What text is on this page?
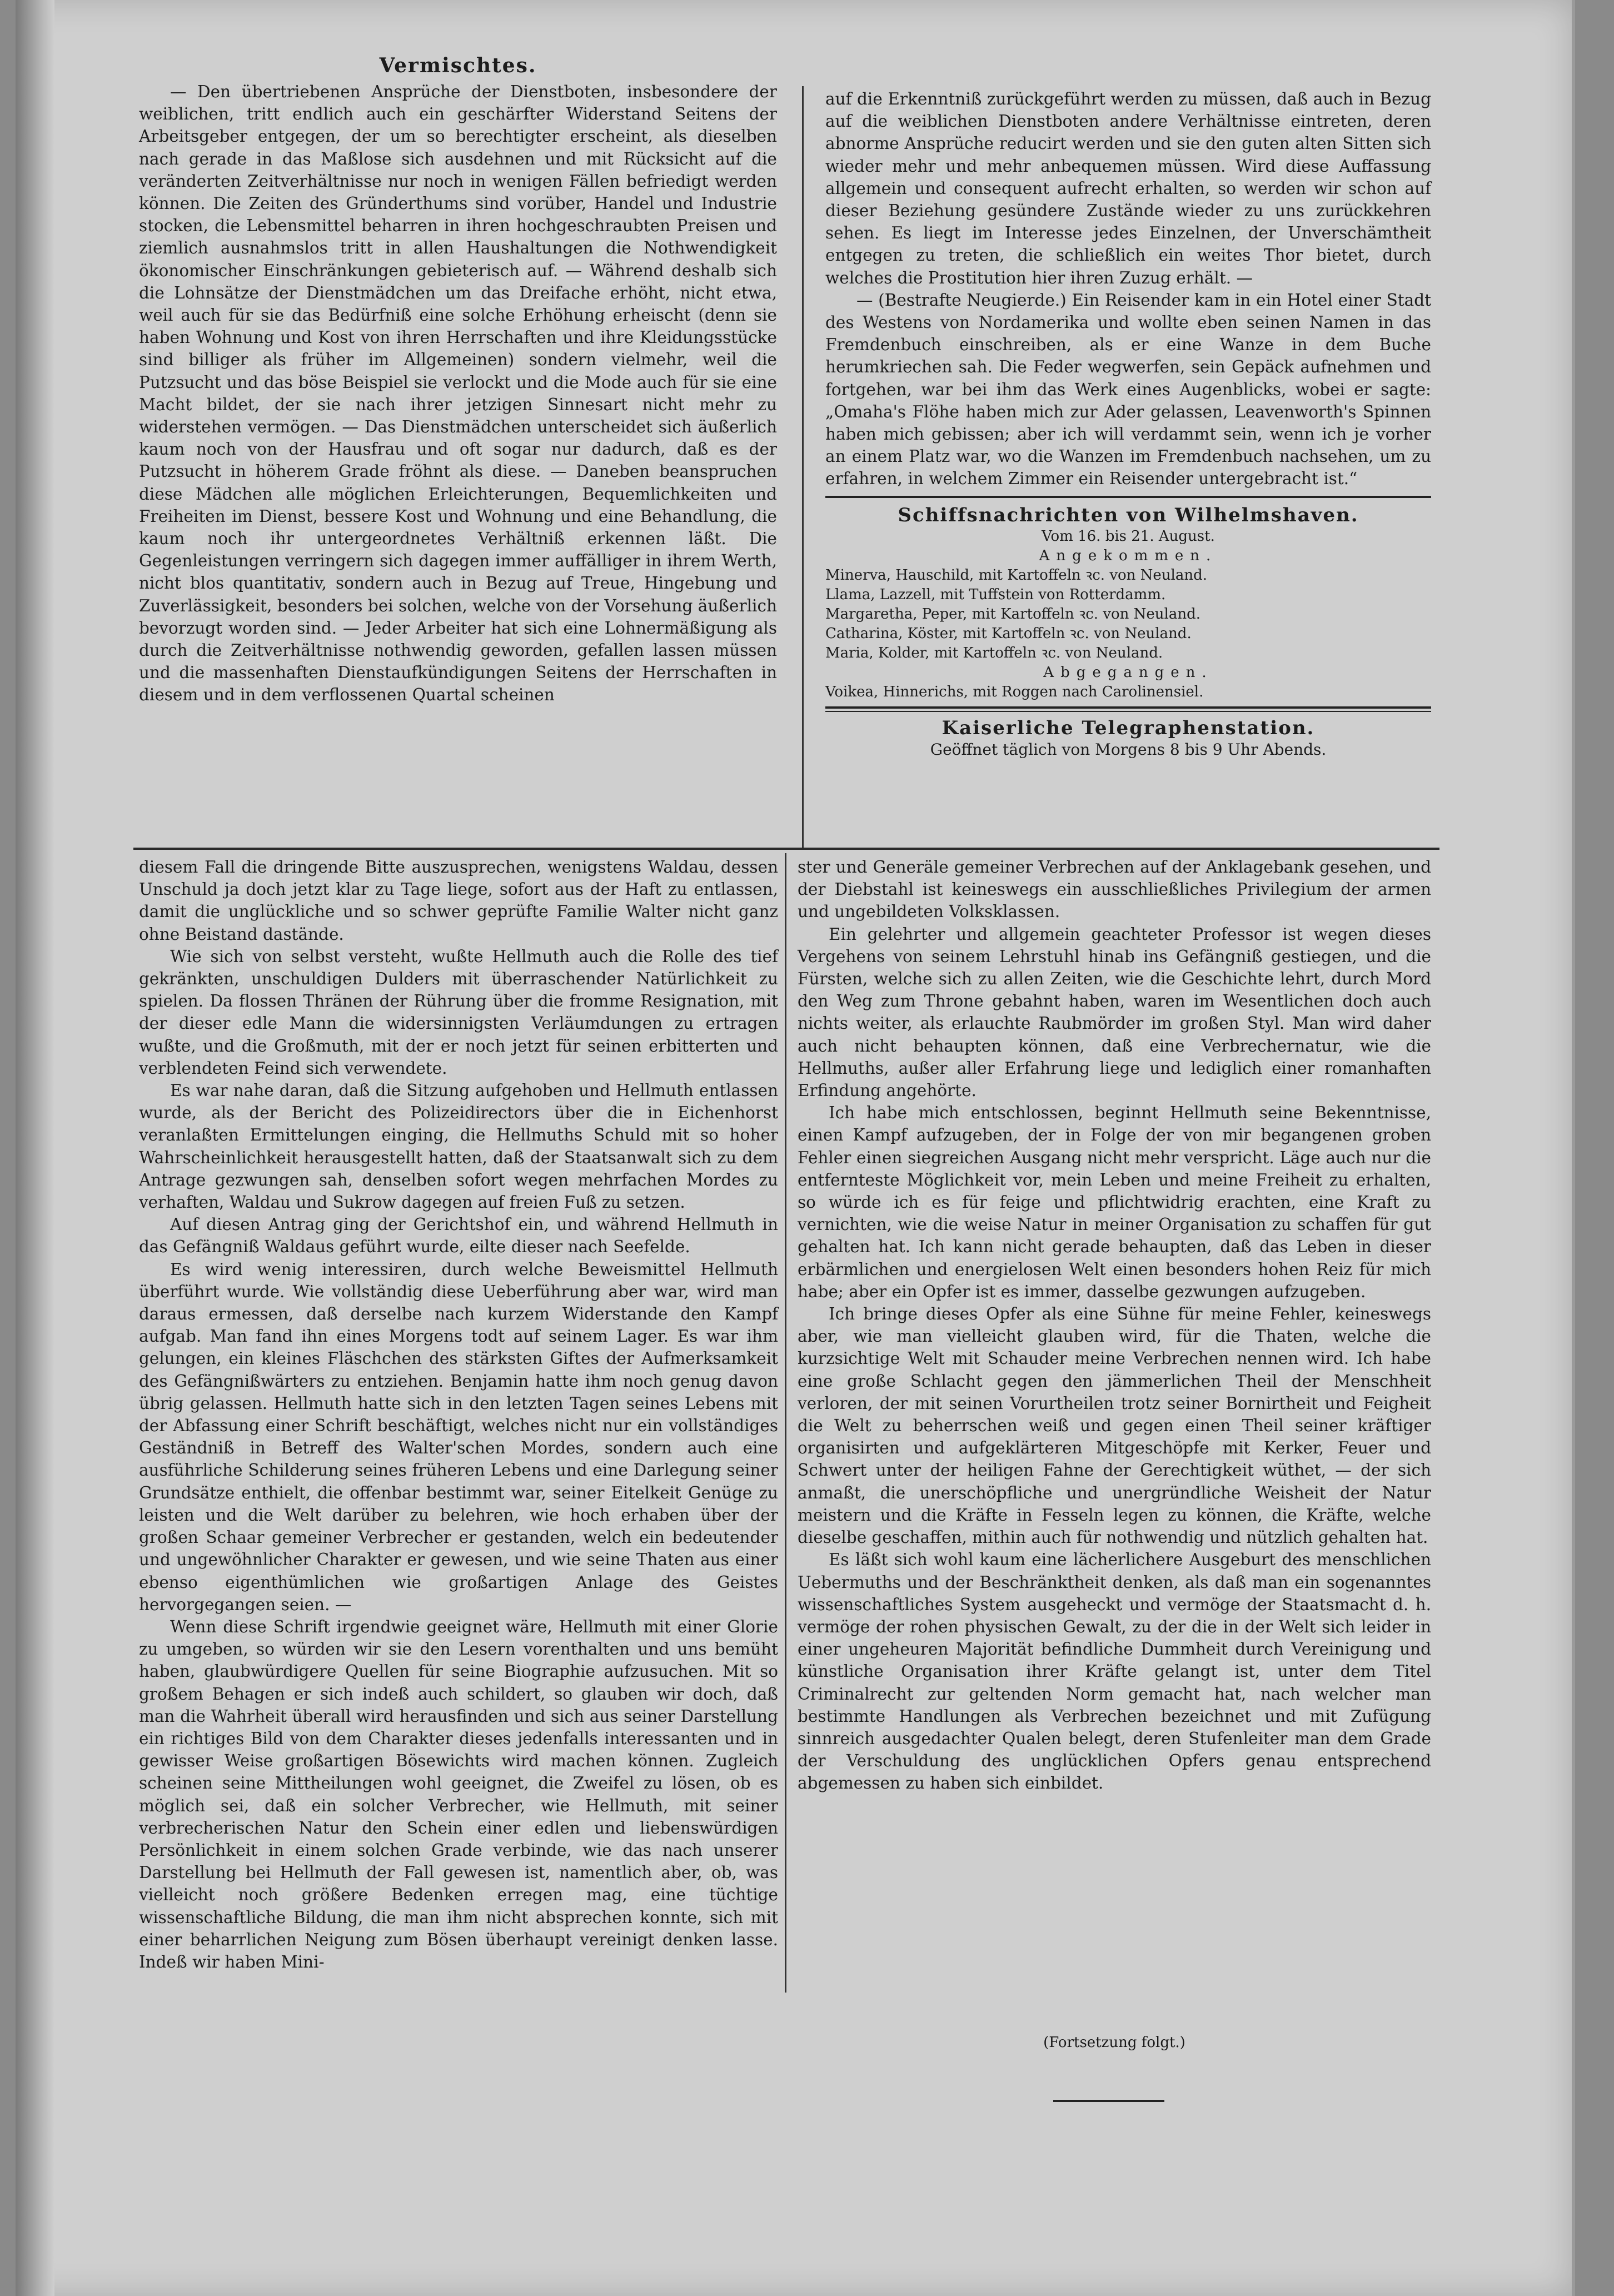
Vermischtes.

— Den übertriebenen Ansprüche der Dienstboten, insbesondere der weiblichen, tritt endlich auch ein geschärfter Widerstand Seitens der Arbeitsgeber entgegen, der um so berechtigter erscheint, als dieselben nach gerade in das Maßlose sich ausdehnen und mit Rücksicht auf die veränderten Zeitverhältnisse nur noch in wenigen Fällen befriedigt werden können. Die Zeiten des Gründerthums sind vorüber, Handel und Industrie stocken, die Lebensmittel beharren in ihren hochgeschraubten Preisen und ziemlich ausnahmslos tritt in allen Haushaltungen die Nothwendigkeit ökonomischer Einschränkungen gebieterisch auf. — Während deshalb sich die Lohnsätze der Dienstmädchen um das Dreifache erhöht, nicht etwa, weil auch für sie das Bedürfniß eine solche Erhöhung erheischt (denn sie haben Wohnung und Kost von ihren Herrschaften und ihre Kleidungsstücke sind billiger als früher im Allgemeinen) sondern vielmehr, weil die Putzsucht und das böse Beispiel sie verlockt und die Mode auch für sie eine Macht bildet, der sie nach ihrer jetzigen Sinnesart nicht mehr zu widerstehen vermögen. — Das Dienstmädchen unterscheidet sich äußerlich kaum noch von der Hausfrau und oft sogar nur dadurch, daß es der Putzsucht in höherem Grade fröhnt als diese. — Daneben beanspruchen diese Mädchen alle möglichen Erleichterungen, Bequemlichkeiten und Freiheiten im Dienst, bessere Kost und Wohnung und eine Behandlung, die kaum noch ihr untergeordnetes Verhältniß erkennen läßt. Die Gegenleistungen verringern sich dagegen immer auffälliger in ihrem Werth, nicht blos quantitativ, sondern auch in Bezug auf Treue, Hingebung und Zuverlässigkeit, besonders bei solchen, welche von der Vorsehung äußerlich bevorzugt worden sind. — Jeder Arbeiter hat sich eine Lohnermäßigung als durch die Zeitverhältnisse nothwendig geworden, gefallen lassen müssen und die massenhaften Dienstaufkündigungen Seitens der Herrschaften in diesem und in dem verflossenen Quartal scheinen

auf die Erkenntniß zurückgeführt werden zu müssen, daß auch in Bezug auf die weiblichen Dienstboten andere Verhältnisse eintreten, deren abnorme Ansprüche reducirt werden und sie den guten alten Sitten sich wieder mehr und mehr anbequemen müssen. Wird diese Auffassung allgemein und consequent aufrecht erhalten, so werden wir schon auf dieser Beziehung gesündere Zustände wieder zu uns zurückkehren sehen. Es liegt im Interesse jedes Einzelnen, der Unverschämtheit entgegen zu treten, die schließlich ein weites Thor bietet, durch welches die Prostitution hier ihren Zuzug erhält. —

— (Bestrafte Neugierde.) Ein Reisender kam in ein Hotel einer Stadt des Westens von Nordamerika und wollte eben seinen Namen in das Fremdenbuch einschreiben, als er eine Wanze in dem Buche herumkriechen sah. Die Feder wegwerfen, sein Gepäck aufnehmen und fortgehen, war bei ihm das Werk eines Augenblicks, wobei er sagte: „Omaha's Flöhe haben mich zur Ader gelassen, Leavenworth's Spinnen haben mich gebissen; aber ich will verdammt sein, wenn ich je vorher an einem Platz war, wo die Wanzen im Fremdenbuch nachsehen, um zu erfahren, in welchem Zimmer ein Reisender untergebracht ist.“

Schiffsnachrichten von Wilhelmshaven.
Vom 16. bis 21. August.
Angekommen.
Minerva, Hauschild, mit Kartoffeln ꝛc. von Neuland.
Llama, Lazzell, mit Tuffstein von Rotterdamm.
Margaretha, Peper, mit Kartoffeln ꝛc. von Neuland.
Catharina, Köster, mit Kartoffeln ꝛc. von Neuland.
Maria, Kolder, mit Kartoffeln ꝛc. von Neuland.
Abgegangen.
Voikea, Hinnerichs, mit Roggen nach Carolinensiel.
Kaiserliche Telegraphenstation.
Geöffnet täglich von Morgens 8 bis 9 Uhr Abends.

diesem Fall die dringende Bitte auszusprechen, wenigstens Waldau, dessen Unschuld ja doch jetzt klar zu Tage liege, sofort aus der Haft zu entlassen, damit die unglückliche und so schwer geprüfte Familie Walter nicht ganz ohne Beistand dastände.

Wie sich von selbst versteht, wußte Hellmuth auch die Rolle des tief gekränkten, unschuldigen Dulders mit überraschender Natürlichkeit zu spielen. Da flossen Thränen der Rührung über die fromme Resignation, mit der dieser edle Mann die widersinnigsten Verläumdungen zu ertragen wußte, und die Großmuth, mit der er noch jetzt für seinen erbitterten und verblendeten Feind sich verwendete.

Es war nahe daran, daß die Sitzung aufgehoben und Hellmuth entlassen wurde, als der Bericht des Polizeidirectors über die in Eichenhorst veranlaßten Ermittelungen einging, die Hellmuths Schuld mit so hoher Wahrscheinlichkeit herausgestellt hatten, daß der Staatsanwalt sich zu dem Antrage gezwungen sah, denselben sofort wegen mehrfachen Mordes zu verhaften, Waldau und Sukrow dagegen auf freien Fuß zu setzen.

Auf diesen Antrag ging der Gerichtshof ein, und während Hellmuth in das Gefängniß Waldaus geführt wurde, eilte dieser nach Seefelde.

Es wird wenig interessiren, durch welche Beweismittel Hellmuth überführt wurde. Wie vollständig diese Ueberführung aber war, wird man daraus ermessen, daß derselbe nach kurzem Widerstande den Kampf aufgab. Man fand ihn eines Morgens todt auf seinem Lager. Es war ihm gelungen, ein kleines Fläschchen des stärksten Giftes der Aufmerksamkeit des Gefängnißwärters zu entziehen. Benjamin hatte ihm noch genug davon übrig gelassen. Hellmuth hatte sich in den letzten Tagen seines Lebens mit der Abfassung einer Schrift beschäftigt, welches nicht nur ein vollständiges Geständniß in Betreff des Walter'schen Mordes, sondern auch eine ausführliche Schilderung seines früheren Lebens und eine Darlegung seiner Grundsätze enthielt, die offenbar bestimmt war, seiner Eitelkeit Genüge zu leisten und die Welt darüber zu belehren, wie hoch erhaben über der großen Schaar gemeiner Verbrecher er gestanden, welch ein bedeutender und ungewöhnlicher Charakter er gewesen, und wie seine Thaten aus einer ebenso eigenthümlichen wie großartigen Anlage des Geistes hervorgegangen seien. —

Wenn diese Schrift irgendwie geeignet wäre, Hellmuth mit einer Glorie zu umgeben, so würden wir sie den Lesern vorenthalten und uns bemüht haben, glaubwürdigere Quellen für seine Biographie aufzusuchen. Mit so großem Behagen er sich indeß auch schildert, so glauben wir doch, daß man die Wahrheit überall wird herausfinden und sich aus seiner Darstellung ein richtiges Bild von dem Charakter dieses jedenfalls interessanten und in gewisser Weise großartigen Bösewichts wird machen können. Zugleich scheinen seine Mittheilungen wohl geeignet, die Zweifel zu lösen, ob es möglich sei, daß ein solcher Verbrecher, wie Hellmuth, mit seiner verbrecherischen Natur den Schein einer edlen und liebenswürdigen Persönlichkeit in einem solchen Grade verbinde, wie das nach unserer Darstellung bei Hellmuth der Fall gewesen ist, namentlich aber, ob, was vielleicht noch größere Bedenken erregen mag, eine tüchtige wissenschaftliche Bildung, die man ihm nicht absprechen konnte, sich mit einer beharrlichen Neigung zum Bösen überhaupt vereinigt denken lasse. Indeß wir haben Mini-

ster und Generäle gemeiner Verbrechen auf der Anklagebank gesehen, und der Diebstahl ist keineswegs ein ausschließliches Privilegium der armen und ungebildeten Volksklassen.

Ein gelehrter und allgemein geachteter Professor ist wegen dieses Vergehens von seinem Lehrstuhl hinab ins Gefängniß gestiegen, und die Fürsten, welche sich zu allen Zeiten, wie die Geschichte lehrt, durch Mord den Weg zum Throne gebahnt haben, waren im Wesentlichen doch auch nichts weiter, als erlauchte Raubmörder im großen Styl. Man wird daher auch nicht behaupten können, daß eine Verbrechernatur, wie die Hellmuths, außer aller Erfahrung liege und lediglich einer romanhaften Erfindung angehörte.

Ich habe mich entschlossen, beginnt Hellmuth seine Bekenntnisse, einen Kampf aufzugeben, der in Folge der von mir begangenen groben Fehler einen siegreichen Ausgang nicht mehr verspricht. Läge auch nur die entfernteste Möglichkeit vor, mein Leben und meine Freiheit zu erhalten, so würde ich es für feige und pflichtwidrig erachten, eine Kraft zu vernichten, wie die weise Natur in meiner Organisation zu schaffen für gut gehalten hat. Ich kann nicht gerade behaupten, daß das Leben in dieser erbärmlichen und energielosen Welt einen besonders hohen Reiz für mich habe; aber ein Opfer ist es immer, dasselbe gezwungen aufzugeben.

Ich bringe dieses Opfer als eine Sühne für meine Fehler, keineswegs aber, wie man vielleicht glauben wird, für die Thaten, welche die kurzsichtige Welt mit Schauder meine Verbrechen nennen wird. Ich habe eine große Schlacht gegen den jämmerlichen Theil der Menschheit verloren, der mit seinen Vorurtheilen trotz seiner Bornirtheit und Feigheit die Welt zu beherrschen weiß und gegen einen Theil seiner kräftiger organisirten und aufgeklärteren Mitgeschöpfe mit Kerker, Feuer und Schwert unter der heiligen Fahne der Gerechtigkeit wüthet, — der sich anmaßt, die unerschöpfliche und unergründliche Weisheit der Natur meistern und die Kräfte in Fesseln legen zu können, die Kräfte, welche dieselbe geschaffen, mithin auch für nothwendig und nützlich gehalten hat.

Es läßt sich wohl kaum eine lächerlichere Ausgeburt des menschlichen Uebermuths und der Beschränktheit denken, als daß man ein sogenanntes wissenschaftliches System ausgeheckt und vermöge der Staatsmacht d. h. vermöge der rohen physischen Gewalt, zu der die in der Welt sich leider in einer ungeheuren Majorität befindliche Dummheit durch Vereinigung und künstliche Organisation ihrer Kräfte gelangt ist, unter dem Titel Criminalrecht zur geltenden Norm gemacht hat, nach welcher man bestimmte Handlungen als Verbrechen bezeichnet und mit Zufügung sinnreich ausgedachter Qualen belegt, deren Stufenleiter man dem Grade der Verschuldung des unglücklichen Opfers genau entsprechend abgemessen zu haben sich einbildet.

(Fortsetzung folgt.)
